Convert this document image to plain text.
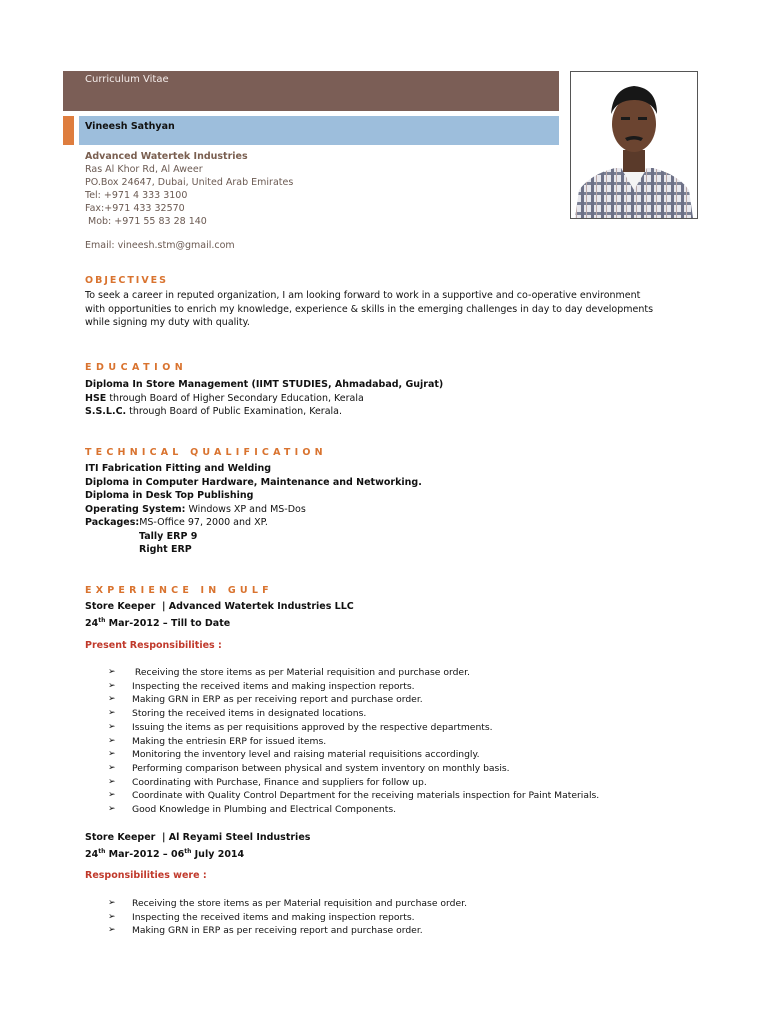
Curriculum Vitae
Vineesh Sathyan
Advanced Watertek Industries
Ras Al Khor Rd, Al Aweer
PO.Box 24647, Dubai, United Arab Emirates
Tel: +971 4 333 3100
Fax:+971 433 32570
Mob: +971 55 83 28 140
Email: vineesh.stm@gmail.com
OBJECTIVES
To seek a career in reputed organization, I am looking forward to work in a supportive and co-operative environment
with opportunities to enrich my knowledge, experience & skills in the emerging challenges in day to day developments
while signing my duty with quality.
EDUCATION
Diploma In Store Management (IIMT STUDIES, Ahmadabad, Gujrat)
HSE through Board of Higher Secondary Education, Kerala
S.S.L.C. through Board of Public Examination, Kerala.
TECHNICAL QUALIFICATION
ITI Fabrication Fitting and Welding
Diploma in Computer Hardware, Maintenance and Networking.
Diploma in Desk Top Publishing
Operating System: Windows XP and MS-Dos
Packages:MS-Office 97, 2000 and XP.
Tally ERP 9
Right ERP
EXPERIENCE IN GULF
Store Keeper  | Advanced Watertek Industries LLC
24th Mar-2012 – Till to Date
Present Responsibilities :
➢ Receiving the store items as per Material requisition and purchase order.
➢ Inspecting the received items and making inspection reports.
➢ Making GRN in ERP as per receiving report and purchase order.
➢ Storing the received items in designated locations.
➢ Issuing the items as per requisitions approved by the respective departments.
➢ Making the entriesin ERP for issued items.
➢ Monitoring the inventory level and raising material requisitions accordingly.
➢ Performing comparison between physical and system inventory on monthly basis.
➢ Coordinating with Purchase, Finance and suppliers for follow up.
➢ Coordinate with Quality Control Department for the receiving materials inspection for Paint Materials.
➢ Good Knowledge in Plumbing and Electrical Components.
Store Keeper  | Al Reyami Steel Industries
24th Mar-2012 – 06th July 2014
Responsibilities were :
➢ Receiving the store items as per Material requisition and purchase order.
➢ Inspecting the received items and making inspection reports.
➢ Making GRN in ERP as per receiving report and purchase order.
